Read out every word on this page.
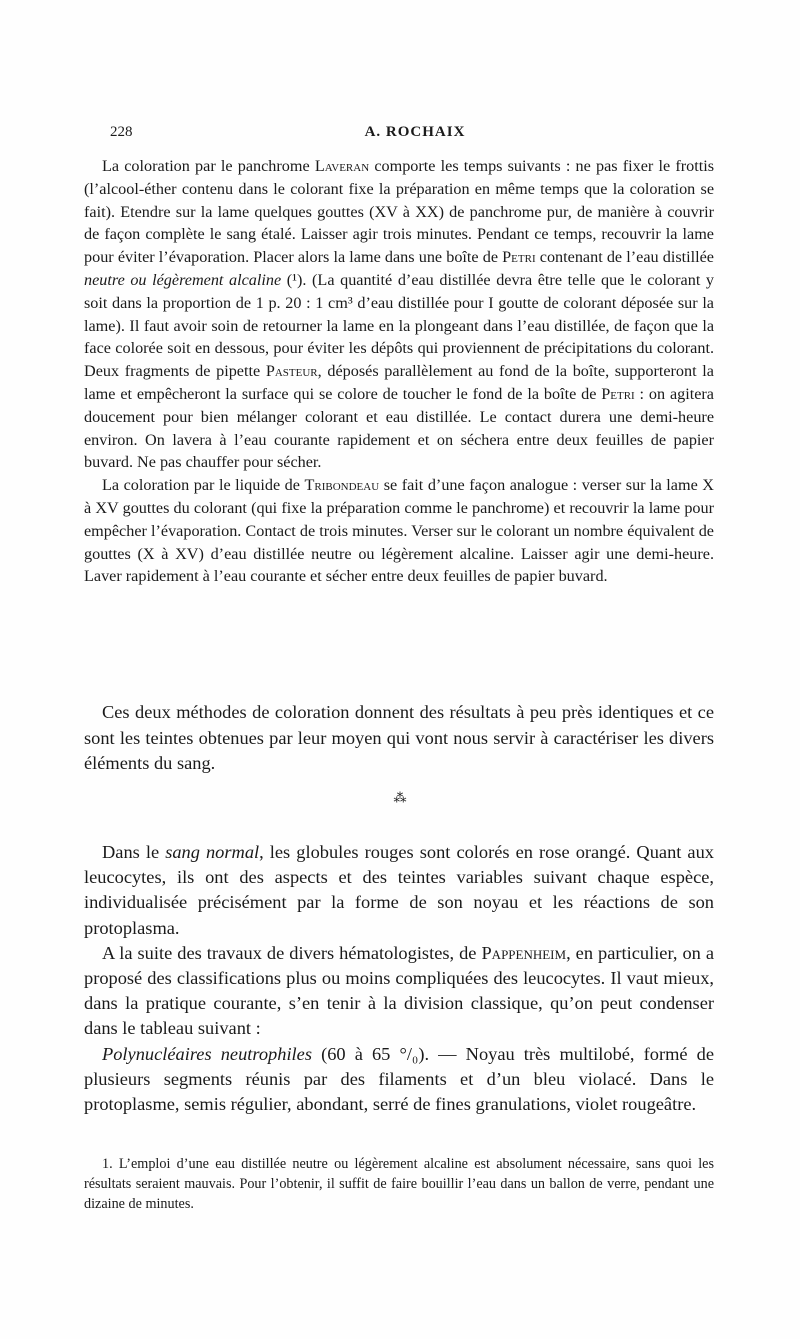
228	A. ROCHAIX

La coloration par le panchrome Laveran comporte les temps suivants : ne pas fixer le frottis (l’alcool-éther contenu dans le colorant fixe la préparation en même temps que la coloration se fait). Etendre sur la lame quelques gouttes (XV à XX) de panchrome pur, de manière à couvrir de façon complète le sang étalé. Laisser agir trois minutes. Pendant ce temps, recouvrir la lame pour éviter l’évaporation. Placer alors la lame dans une boîte de Petri contenant de l’eau distillée neutre ou légèrement alcaline (¹). (La quantité d’eau distillée devra être telle que le colorant y soit dans la proportion de 1 p. 20 : 1 cm³ d’eau distillée pour I goutte de colorant déposée sur la lame). Il faut avoir soin de retourner la lame en la plongeant dans l’eau distillée, de façon que la face colorée soit en dessous, pour éviter les dépôts qui proviennent de précipitations du colorant. Deux fragments de pipette Pasteur, déposés parallèlement au fond de la boîte, supporteront la lame et empêcheront la surface qui se colore de toucher le fond de la boîte de Petri : on agitera doucement pour bien mélanger colorant et eau distillée. Le contact durera une demi-heure environ. On lavera à l’eau courante rapidement et on séchera entre deux feuilles de papier buvard. Ne pas chauffer pour sécher.

La coloration par le liquide de Tribondeau se fait d’une façon analogue : verser sur la lame X à XV gouttes du colorant (qui fixe la préparation comme le panchrome) et recouvrir la lame pour empêcher l’évaporation. Contact de trois minutes. Verser sur le colorant un nombre équivalent de gouttes (X à XV) d’eau distillée neutre ou légèrement alcaline. Laisser agir une demi-heure. Laver rapidement à l’eau courante et sécher entre deux feuilles de papier buvard.

Ces deux méthodes de coloration donnent des résultats à peu près identiques et ce sont les teintes obtenues par leur moyen qui vont nous servir à caractériser les divers éléments du sang.

⁂

Dans le sang normal, les globules rouges sont colorés en rose orangé. Quant aux leucocytes, ils ont des aspects et des teintes variables suivant chaque espèce, individualisée précisément par la forme de son noyau et les réactions de son protoplasma.

A la suite des travaux de divers hématologistes, de Pappenheim, en particulier, on a proposé des classifications plus ou moins compliquées des leucocytes. Il vaut mieux, dans la pratique courante, s’en tenir à la division classique, qu’on peut condenser dans le tableau suivant :

Polynucléaires neutrophiles (60 à 65 °/₀). — Noyau très multilobé, formé de plusieurs segments réunis par des filaments et d’un bleu violacé. Dans le protoplasme, semis régulier, abondant, serré de fines granulations, violet rougeâtre.

1. L’emploi d’une eau distillée neutre ou légèrement alcaline est absolument nécessaire, sans quoi les résultats seraient mauvais. Pour l’obtenir, il suffit de faire bouillir l’eau dans un ballon de verre, pendant une dizaine de minutes.
